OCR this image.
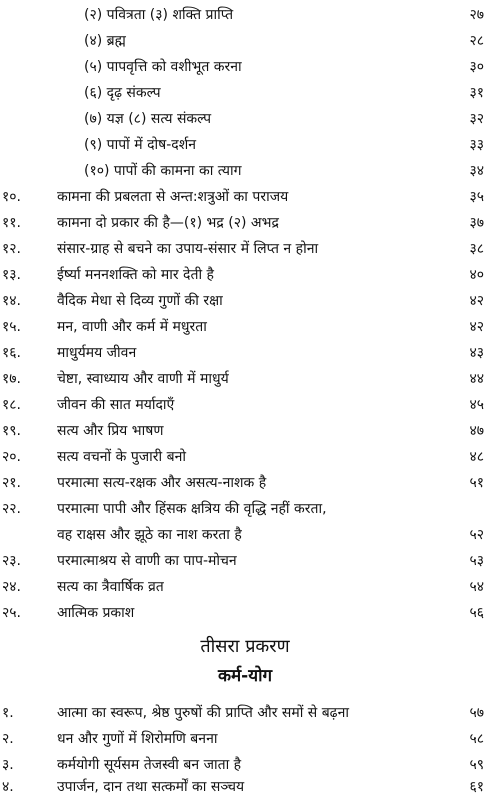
(२) पवित्रता (३) शक्ति प्राप्ति	२७
(४) ब्रह्म	२८
(५) पापवृत्ति को वशीभूत करना	३०
(६) दृढ़ संकल्प	३१
(७) यज्ञ (८) सत्य संकल्प	३२
(९) पापों में दोष-दर्शन	३३
(१०) पापों की कामना का त्याग	३४
१०.	कामना की प्रबलता से अन्त:शत्रुओं का पराजय	३५
११.	कामना दो प्रकार की है—(१) भद्र (२) अभद्र	३७
१२.	संसार-ग्राह से बचने का उपाय-संसार में लिप्त न होना	३८
१३.	ईर्ष्या मननशक्ति को मार देती है	४०
१४.	वैदिक मेधा से दिव्य गुणों की रक्षा	४२
१५.	मन, वाणी और कर्म में मधुरता	४२
१६.	माधुर्यमय जीवन	४३
१७.	चेष्टा, स्वाध्याय और वाणी में माधुर्य	४४
१८.	जीवन की सात मर्यादाएँ	४५
१९.	सत्य और प्रिय भाषण	४७
२०.	सत्य वचनों के पुजारी बनो	४८
२१.	परमात्मा सत्य-रक्षक और असत्य-नाशक है	५१
२२.	परमात्मा पापी और हिंसक क्षत्रिय की वृद्धि नहीं करता,
वह राक्षस और झूठे का नाश करता है	५२
२३.	परमात्माश्रय से वाणी का पाप-मोचन	५३
२४.	सत्य का त्रैवार्षिक व्रत	५४
२५.	आत्मिक प्रकाश	५६
तीसरा प्रकरण
कर्म-योग
१.	आत्मा का स्वरूप, श्रेष्ठ पुरुषों की प्राप्ति और समों से बढ़ना	५७
२.	धन और गुणों में शिरोमणि बनना	५८
३.	कर्मयोगी सूर्यसम तेजस्वी बन जाता है	५९
४.	उपार्जन, दान तथा सत्कर्मों का सञ्चय	६१
